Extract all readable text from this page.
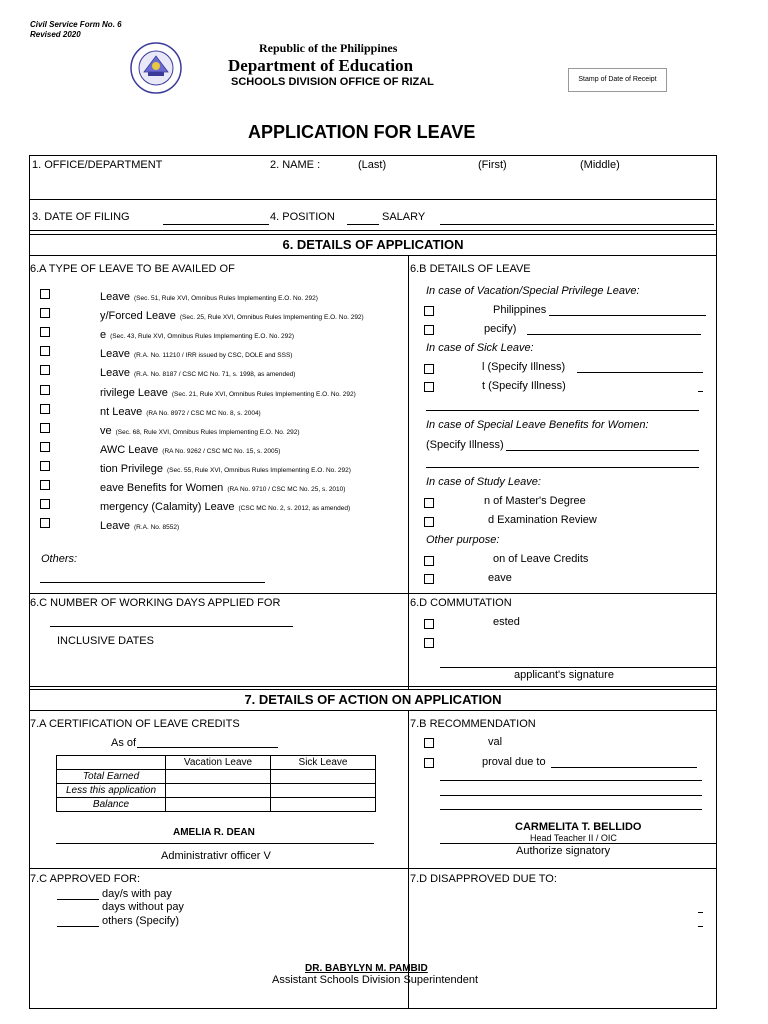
Civil Service Form No. 6
Revised 2020
Republic of the Philippines
Department of Education
SCHOOLS DIVISION OFFICE OF RIZAL	Stamp of Date of Receipt
APPLICATION FOR LEAVE
1. OFFICE/DEPARTMENT	2. NAME :	(Last)	(First)	(Middle)
3. DATE OF FILING	4. POSITION	SALARY
6. DETAILS OF APPLICATION
6.A TYPE OF LEAVE TO BE AVAILED OF	6.B DETAILS OF LEAVE
Leave (Sec. 51, Rule XVI, Omnibus Rules Implementing E.O. No. 292)
y/Forced Leave (Sec. 25, Rule XVI, Omnibus Rules Implementing E.O. No. 292)
e (Sec. 43, Rule XVI, Omnibus Rules Implementing E.O. No. 292)
Leave (R.A. No. 11210 / IRR issued by CSC, DOLE and SSS)
Leave (R.A. No. 8187 / CSC MC No. 71, s. 1998, as amended)
rivilege Leave (Sec. 21, Rule XVI, Omnibus Rules Implementing E.O. No. 292)
nt Leave (RA No. 8972 / CSC MC No. 8, s. 2004)
ve (Sec. 68, Rule XVI, Omnibus Rules Implementing E.O. No. 292)
AWC Leave (RA No. 9262 / CSC MC No. 15, s. 2005)
tion Privilege (Sec. 55, Rule XVI, Omnibus Rules Implementing E.O. No. 292)
eave Benefits for Women (RA No. 9710 / CSC MC No. 25, s. 2010)
mergency (Calamity) Leave (CSC MC No. 2, s. 2012, as amended)
Leave (R.A. No. 8552)
Others:
In case of Vacation/Special Privilege Leave:
Philippines
pecify)
In case of Sick Leave:
l (Specify Illness)
t (Specify Illness)
In case of Special Leave Benefits for Women:
(Specify Illness)
In case of Study Leave:
n of Master's Degree
d Examination Review
Other purpose:
on of Leave Credits
eave
6.C NUMBER OF WORKING DAYS APPLIED FOR
INCLUSIVE DATES
6.D COMMUTATION
ested
applicant's signature
7. DETAILS OF ACTION ON APPLICATION
7.A CERTIFICATION OF LEAVE CREDITS
As of
	Vacation Leave	Sick Leave
Total Earned		
Less this application		
Balance		
AMELIA R. DEAN
Administrativr officer V
7.B RECOMMENDATION
val
proval due to
CARMELITA T. BELLIDO
Head Teacher II / OIC
Authorize signatory
7.C APPROVED FOR:
day/s with pay
days without pay
others (Specify)
7.D DISAPPROVED DUE TO:
DR. BABYLYN M. PAMBID
Assistant Schools Division Superintendent
